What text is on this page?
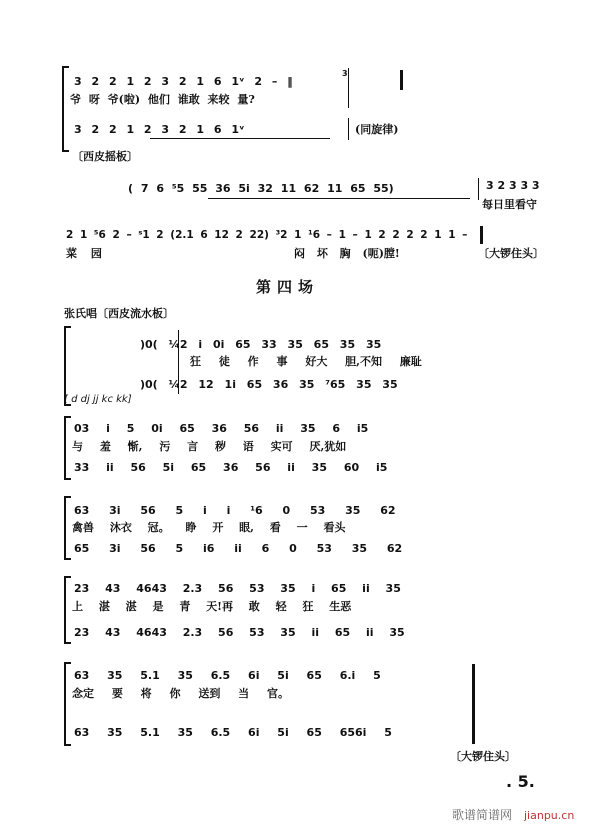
3 2 2 1 2 3 2 1 6 1ᵛ 2 – ‖
3
爷 呀 爷(啦) 他们 谁敢 来较 量?
3 2 2 1 2 3 2 1 6 1ᵛ	(同旋律)
〔西皮摇板〕
( 7 6 ⁵5 55 36 5i 32 11 62 11 65 55)	3 2 3 3 3
每日里看守
2 1 ⁵6 2 – ˢ1 2 (2.1 6 12 2 22) ³2 1 ¹6 – 1 – 1 2 2 2 2 1 1 –
菜 园	闷 坏 胸 (呃)膛!	〔大锣住头〕
第四场
张氏唱〔西皮流水板〕
)0( ¼2 i 0i 65 33 35 65 35 35
狂 徒 作 事 好大 胆,不知 廉耻
[ d dj jj kc kk]
)0( ¼2 12 1i 65 36 35 ⁷65 35 35
03 i 5 0i 65 36 56 ii 35 6 i5
与 羞 惭, 污 言 秽 语 实可 厌,犹如
33 ii 56 5i 65 36 56 ii 35 60 i5
63 3i 56 5 i i ¹6 0 53 35 62
禽兽 沐衣 冠。 睁 开 眼, 看 一 看头
65 3i 56 5 i6 ii 6 0 53 35 62
23 43 4643 2.3 56 53 35 i 65 ii 35
上 湛 湛 是 青 天!再 敢 轻 狂 生恶
23 43 4643 2.3 56 53 35 ii 65 ii 35
63 35 5.1 35 6.5 6i 5i 65 6.i 5
念定 要 将 你 送到 当 官。
63 35 5.1 35 6.5 6i 5i 65 656i 5
〔大锣住头〕
. 5.
歌谱简谱网 jianpu.cn
